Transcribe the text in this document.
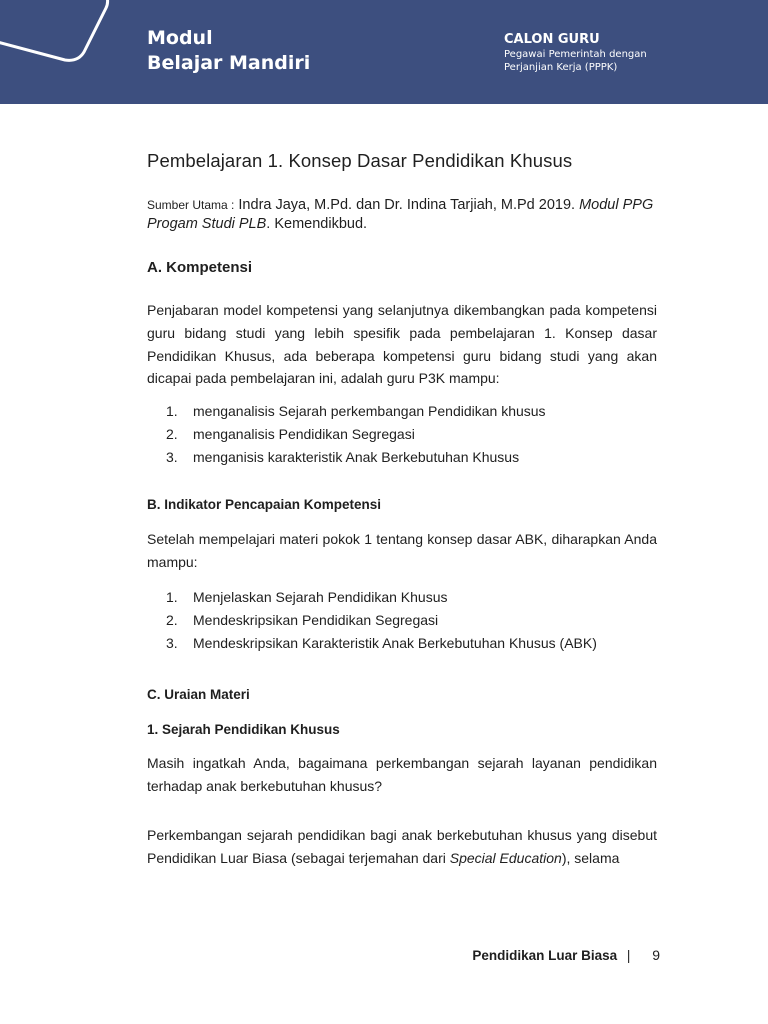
Modul
Belajar Mandiri
CALON GURU
Pegawai Pemerintah dengan
Perjanjian Kerja (PPPK)
Pembelajaran 1. Konsep Dasar Pendidikan Khusus
Sumber Utama : Indra Jaya, M.Pd. dan Dr. Indina Tarjiah, M.Pd 2019. Modul PPG Progam Studi PLB. Kemendikbud.
A. Kompetensi

Penjabaran model kompetensi yang selanjutnya dikembangkan pada kompetensi guru bidang studi yang lebih spesifik pada pembelajaran 1. Konsep dasar Pendidikan Khusus, ada beberapa kompetensi guru bidang studi yang akan dicapai pada pembelajaran ini, adalah guru P3K mampu:

1.	menganalisis Sejarah perkembangan Pendidikan khusus
2.	menganalisis Pendidikan Segregasi
3.	menganisis karakteristik Anak Berkebutuhan Khusus
B. Indikator Pencapaian Kompetensi

Setelah mempelajari materi pokok 1 tentang konsep dasar ABK, diharapkan Anda mampu:

1.	Menjelaskan Sejarah Pendidikan Khusus
2.	Mendeskripsikan Pendidikan Segregasi
3.	Mendeskripsikan Karakteristik Anak Berkebutuhan Khusus (ABK)
C. Uraian Materi
1. Sejarah Pendidikan Khusus

Masih ingatkah Anda, bagaimana perkembangan sejarah layanan pendidikan terhadap anak berkebutuhan khusus?

Perkembangan sejarah pendidikan bagi anak berkebutuhan khusus yang disebut Pendidikan Luar Biasa (sebagai terjemahan dari Special Education), selama

Pendidikan Luar Biasa | 9
